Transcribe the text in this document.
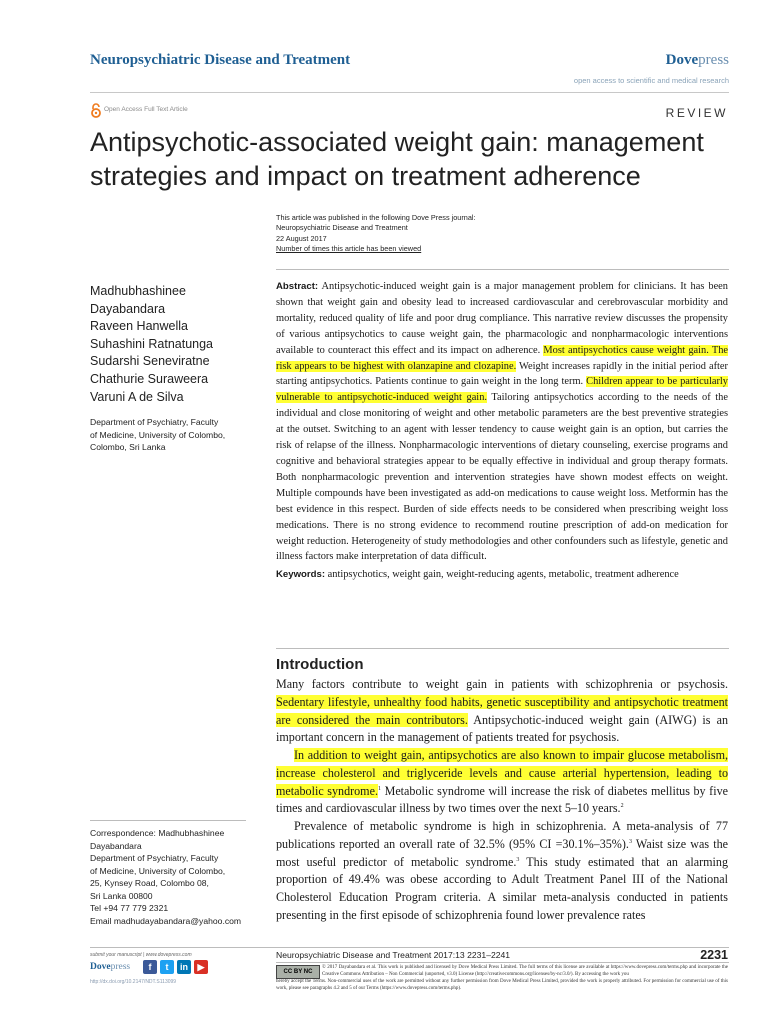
Neuropsychiatric Disease and Treatment	Dovepress
open access to scientific and medical research
Open Access Full Text Article	REVIEW
Antipsychotic-associated weight gain: management strategies and impact on treatment adherence
This article was published in the following Dove Press journal:
Neuropsychiatric Disease and Treatment
22 August 2017
Number of times this article has been viewed
Madhubhashinee
Dayabandara
Raveen Hanwella
Suhashini Ratnatunga
Sudarshi Seneviratne
Chathurie Suraweera
Varuni A de Silva
Department of Psychiatry, Faculty
of Medicine, University of Colombo,
Colombo, Sri Lanka

Abstract: Antipsychotic-induced weight gain is a major management problem for clinicians. It has been shown that weight gain and obesity lead to increased cardiovascular and cerebrovascular morbidity and mortality, reduced quality of life and poor drug compliance. This narrative review discusses the propensity of various antipsychotics to cause weight gain, the pharmacologic and nonpharmacologic interventions available to counteract this effect and its impact on adherence. Most antipsychotics cause weight gain. The risk appears to be highest with olanzapine and clozapine. Weight increases rapidly in the initial period after starting antipsychotics. Patients continue to gain weight in the long term. Children appear to be particularly vulnerable to antipsychotic-induced weight gain. Tailoring antipsychotics according to the needs of the individual and close monitoring of weight and other metabolic parameters are the best preventive strategies at the outset. Switching to an agent with lesser tendency to cause weight gain is an option, but carries the risk of relapse of the illness. Nonpharmacologic interventions of dietary counseling, exercise programs and cognitive and behavioral strategies appear to be equally effective in individual and group therapy formats. Both nonpharmacologic prevention and intervention strategies have shown modest effects on weight. Multiple compounds have been investigated as add-on medications to cause weight loss. Metformin has the best evidence in this respect. Burden of side effects needs to be considered when prescribing weight loss medications. There is no strong evidence to recommend routine prescription of add-on medication for weight reduction. Heterogeneity of study methodologies and other confounders such as lifestyle, genetic and illness factors make interpretation of data difficult.

Keywords: antipsychotics, weight gain, weight-reducing agents, metabolic, treatment adherence

Introduction

Many factors contribute to weight gain in patients with schizophrenia or psychosis. Sedentary lifestyle, unhealthy food habits, genetic susceptibility and antipsychotic treatment are considered the main contributors. Antipsychotic-induced weight gain (AIWG) is an important concern in the management of patients treated for psychosis.

In addition to weight gain, antipsychotics are also known to impair glucose metabolism, increase cholesterol and triglyceride levels and cause arterial hypertension, leading to metabolic syndrome.$^1$ Metabolic syndrome will increase the risk of diabetes mellitus by five times and cardiovascular illness by two times over the next 5–10 years.$^2$

Prevalence of metabolic syndrome is high in schizophrenia. A meta-analysis of 77 publications reported an overall rate of 32.5% (95% CI =30.1%–35%).$^3$ Waist size was the most useful predictor of metabolic syndrome.$^3$ This study estimated that an alarming proportion of 49.4% was obese according to Adult Treatment Panel III of the National Cholesterol Education Program criteria. A similar meta-analysis conducted in patients presenting in the first episode of schizophrenia found lower prevalence rates

Correspondence: Madhubhashinee
Dayabandara
Department of Psychiatry, Faculty
of Medicine, University of Colombo,
25, Kynsey Road, Colombo 08,
Sri Lanka 00800
Tel +94 77 779 2321
Email madhudayabandara@yahoo.com
submit your manuscript | www.dovepress.com
Dovepress	f	t	in	▶
http://dx.doi.org/10.2147/NDT.S113099
Neuropsychiatric Disease and Treatment 2017:13 2231–2241	2231
CC BY NC
© 2017 Dayabandara et al. This work is published and licensed by Dove Medical Press Limited. The full terms of this license are available at https://www.dovepress.com/terms.php and incorporate the Creative Commons Attribution – Non Commercial (unported, v3.0) License (http://creativecommons.org/licenses/by-nc/3.0/). By accessing the work you
hereby accept the Terms. Non-commercial uses of the work are permitted without any further permission from Dove Medical Press Limited, provided the work is properly attributed. For permission for commercial use of this work, please see paragraphs 4.2 and 5 of our Terms (https://www.dovepress.com/terms.php).
